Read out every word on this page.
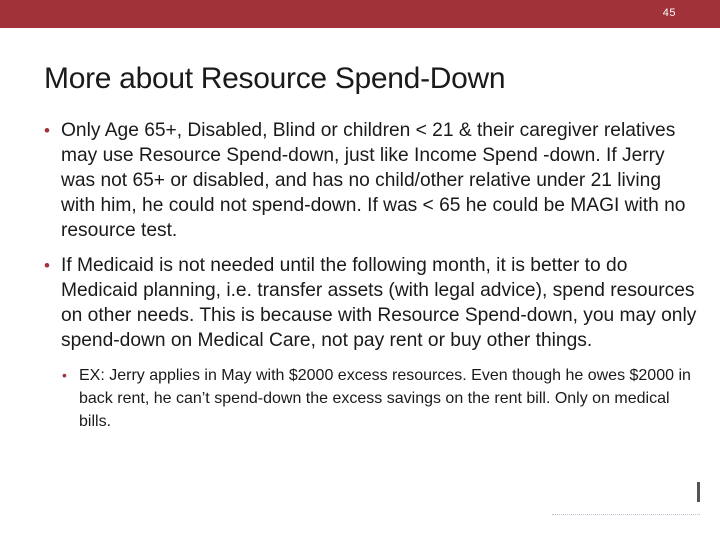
45
More about Resource Spend-Down
• Only Age 65+, Disabled, Blind or children < 21 & their caregiver relatives may use Resource Spend-down, just like Income Spend -down. If Jerry was not 65+ or disabled, and has no child/other relative under 21 living with him, he could not spend-down. If was < 65 he could be MAGI with no resource test.
• If Medicaid is not needed until the following month, it is better to do Medicaid planning, i.e. transfer assets (with legal advice), spend resources on other needs. This is because with Resource Spend-down, you may only spend-down on Medical Care, not pay rent or buy other things.
• EX: Jerry applies in May with $2000 excess resources. Even though he owes $2000 in back rent, he can’t spend-down the excess savings on the rent bill. Only on medical bills.
